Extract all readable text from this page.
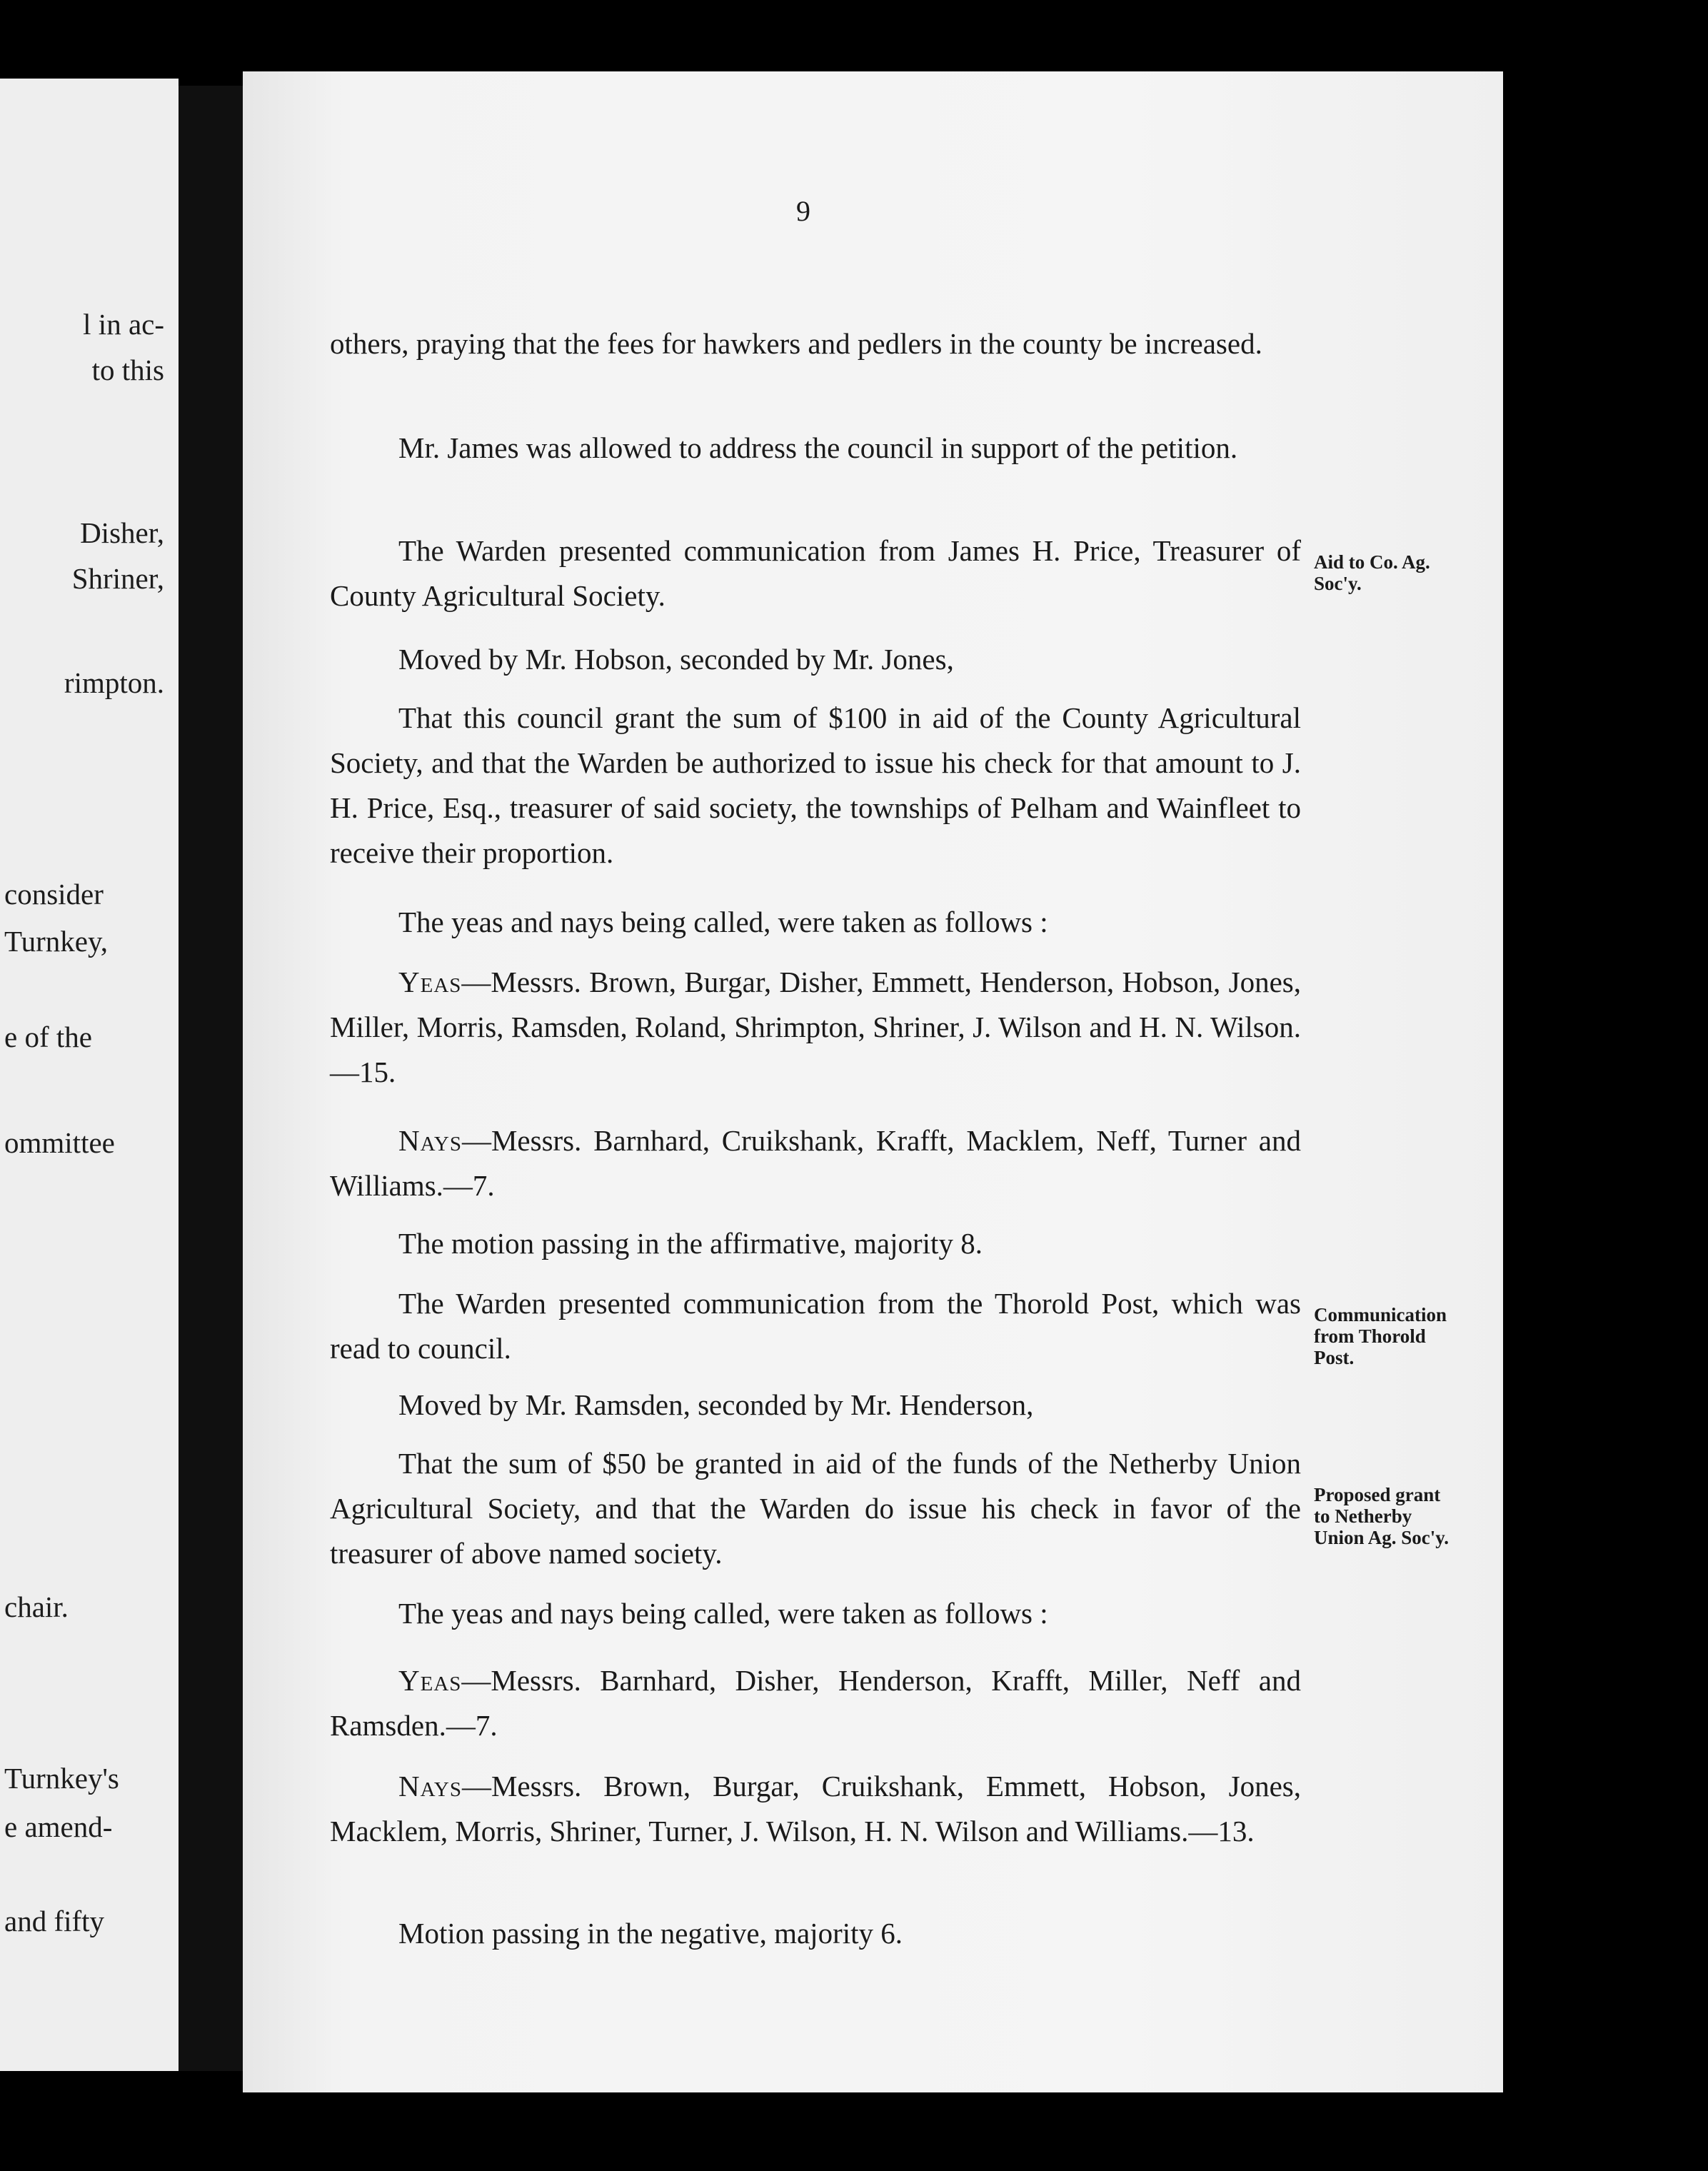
l in ac-
to this
Disher,
Shriner,
rimpton.
consider
Turnkey,
e of the
ommittee
chair.
Turnkey's
e amend-
and fifty
9

others, praying that the fees for hawkers and pedlers in the county be increased.

Mr. James was allowed to address the council in support of the petition.

The Warden presented communication from James H. Price, Treasurer of County Agricultural Society.

Moved by Mr. Hobson, seconded by Mr. Jones,

That this council grant the sum of $100 in aid of the County Agricultural Society, and that the Warden be authorized to issue his check for that amount to J. H. Price, Esq., treasurer of said society, the townships of Pelham and Wainfleet to receive their proportion.

The yeas and nays being called, were taken as follows :

Yeas—Messrs. Brown, Burgar, Disher, Emmett, Henderson, Hobson, Jones, Miller, Morris, Ramsden, Roland, Shrimpton, Shriner, J. Wilson and H. N. Wilson.—15.

Nays—Messrs. Barnhard, Cruikshank, Krafft, Macklem, Neff, Turner and Williams.—7.

The motion passing in the affirmative, majority 8.

The Warden presented communication from the Thorold Post, which was read to council.

Moved by Mr. Ramsden, seconded by Mr. Henderson,

That the sum of $50 be granted in aid of the funds of the Netherby Union Agricultural Society, and that the Warden do issue his check in favor of the treasurer of above named society.

The yeas and nays being called, were taken as follows :

Yeas—Messrs. Barnhard, Disher, Henderson, Krafft, Miller, Neff and Ramsden.—7.

Nays—Messrs. Brown, Burgar, Cruikshank, Emmett, Hobson, Jones, Macklem, Morris, Shriner, Turner, J. Wilson, H. N. Wilson and Williams.—13.

Motion passing in the negative, majority 6.

Aid to Co. Ag.
Soc'y.
Communication
from Thorold
Post.
Proposed grant
to Netherby
Union Ag. Soc'y.
